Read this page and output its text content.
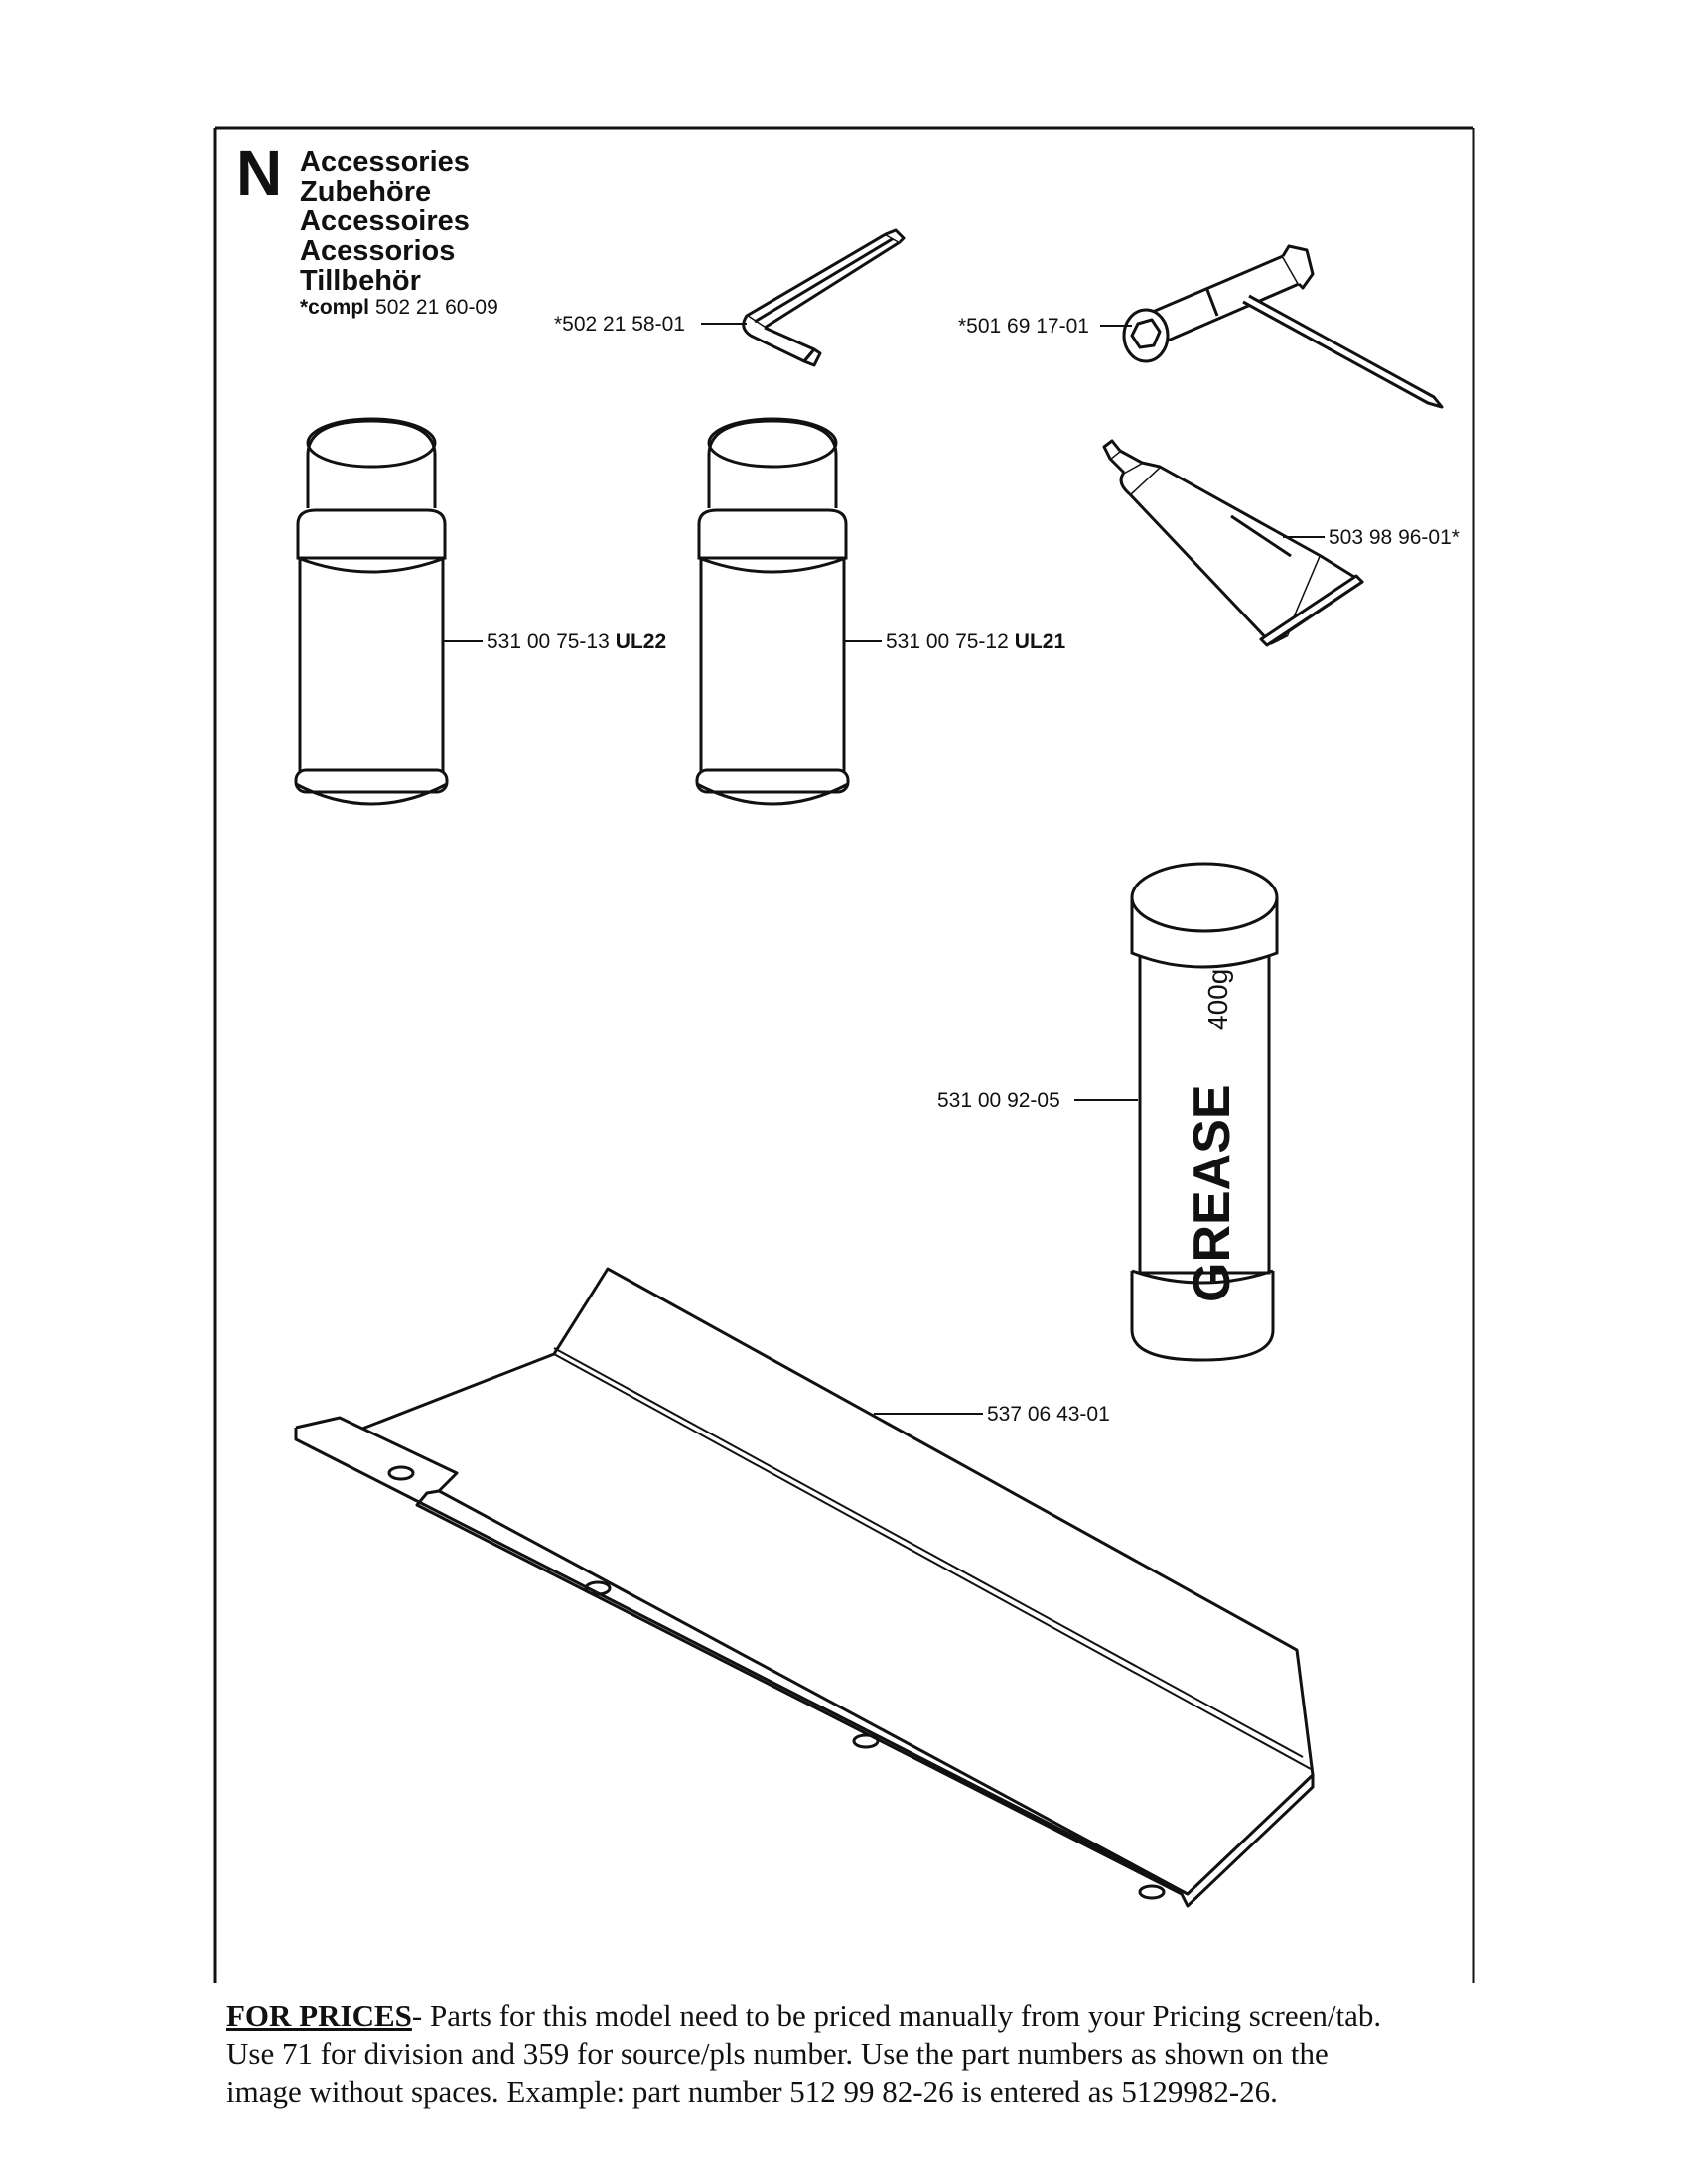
N Accessories
Zubehöre
Accessoires
Acessorios
Tillbehör
*compl 502 21 60-09
*502 21 58-01	*501 69 17-01
531 00 75-13 UL22	531 00 75-12 UL21
503 98 96-01*
GREASE
400g
531 00 92-05
537 06 43-01
FOR PRICES- Parts for this model need to be priced manually from your Pricing screen/tab.
Use 71 for division and 359 for source/pls number. Use the part numbers as shown on the
image without spaces. Example: part number 512 99 82-26 is entered as 5129982-26.
